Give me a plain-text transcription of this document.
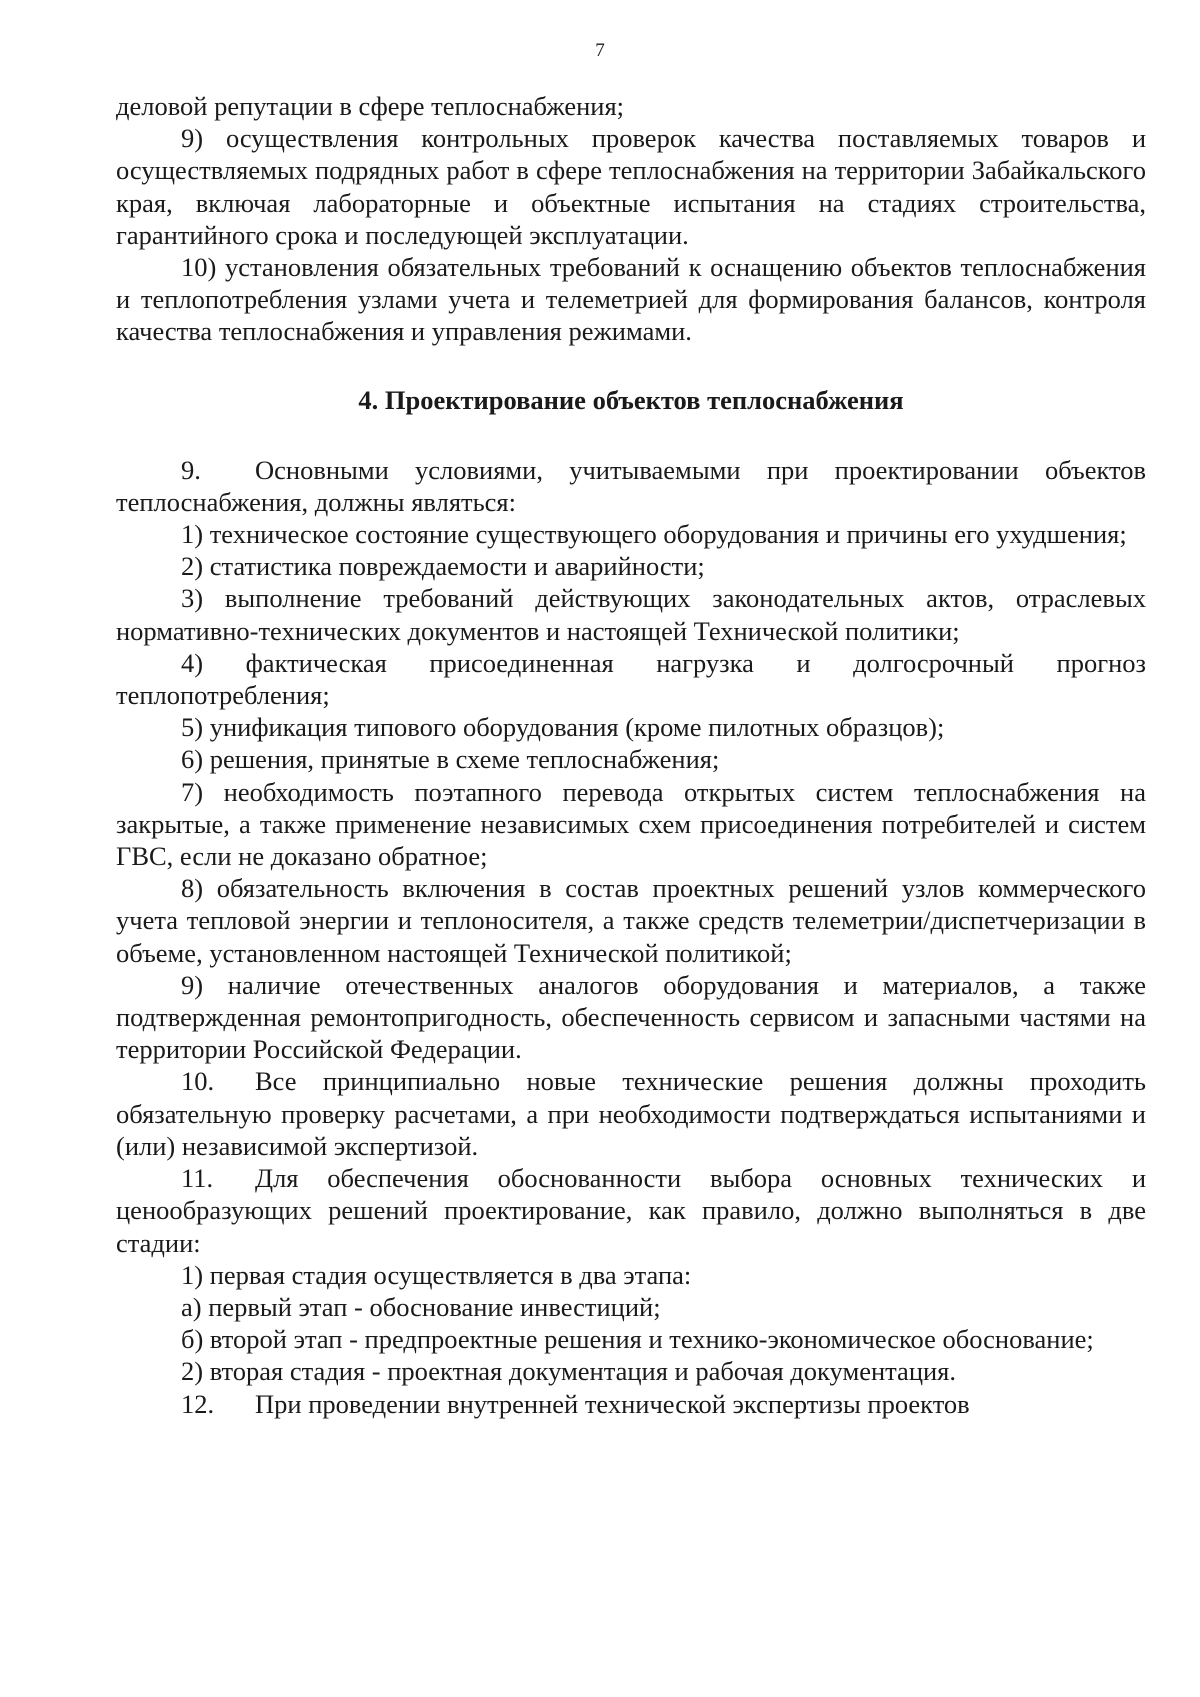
7

деловой репутации в сфере теплоснабжения;

9) осуществления контрольных проверок качества поставляемых товаров и осуществляемых подрядных работ в сфере теплоснабжения на территории Забайкальского края, включая лабораторные и объектные испытания на стадиях строительства, гарантийного срока и последующей эксплуатации.

10) установления обязательных требований к оснащению объектов теплоснабжения и теплопотребления узлами учета и телеметрией для формирования балансов, контроля качества теплоснабжения и управления режимами.

4. Проектирование объектов теплоснабжения

9. Основными условиями, учитываемыми при проектировании объектов теплоснабжения, должны являться:

1) техническое состояние существующего оборудования и причины его ухудшения;

2) статистика повреждаемости и аварийности;

3) выполнение требований действующих законодательных актов, отраслевых нормативно-технических документов и настоящей Технической политики;

4) фактическая присоединенная нагрузка и долгосрочный прогноз теплопотребления;

5) унификация типового оборудования (кроме пилотных образцов);

6) решения, принятые в схеме теплоснабжения;

7) необходимость поэтапного перевода открытых систем теплоснабжения на закрытые, а также применение независимых схем присоединения потребителей и систем ГВС, если не доказано обратное;

8) обязательность включения в состав проектных решений узлов коммерческого учета тепловой энергии и теплоносителя, а также средств телеметрии/диспетчеризации в объеме, установленном настоящей Технической политикой;

9) наличие отечественных аналогов оборудования и материалов, а также подтвержденная ремонтопригодность, обеспеченность сервисом и запасными частями на территории Российской Федерации.

10. Все принципиально новые технические решения должны проходить обязательную проверку расчетами, а при необходимости подтверждаться испытаниями и (или) независимой экспертизой.

11. Для обеспечения обоснованности выбора основных технических и ценообразующих решений проектирование, как правило, должно выполняться в две стадии:

1) первая стадия осуществляется в два этапа:

а) первый этап - обоснование инвестиций;

б) второй этап - предпроектные решения и технико-экономическое обоснование;

2) вторая стадия - проектная документация и рабочая документация.

12. При проведении внутренней технической экспертизы проектов
